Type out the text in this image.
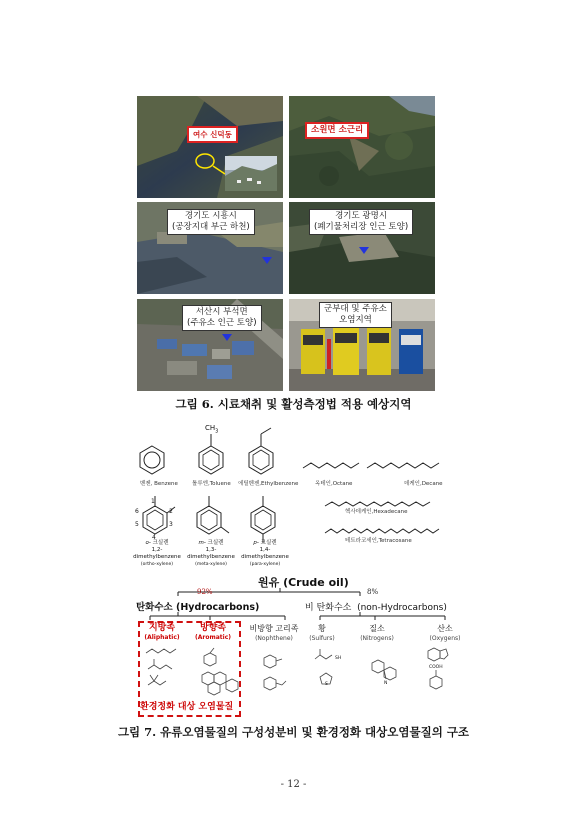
여수 신덕동	소원면 소근리
경기도 시흥시
(공장지대 부근 하천)
경기도 광명시
(폐기물처리장 인근 토양)
서산시 부석면
(주유소 인근 토양)
군부대 및 주유소
오염지역
그림 6. 시료채취 및 활성측정법 적용 예상지역
$CH_3$
벤젠, Benzene	톨루엔,Toluene 에틸벤젠,Ethylbenzene	옥테인,Octane	데케인,Decane
헥사데케인,Hexadecane
테트라코세인,Tetracosane
1
2
3
4
5
6
o- 크실렌
1,2-dimethylbenzene
(ortho-xylene)
m- 크실렌
1,3-dimethylbenzene
(meta-xylene)
p- 크실렌
1,4-dimethylbenzene
(para-xylene)
원유 (Crude oil)
92%	8%
탄화수소 (Hydrocarbons)	비 탄화수소 (non-Hydrocarbons)
지방족
(Aliphatic)
방향족
(Aromatic)
비방향 고리족
(Nophthene)
황
(Sulfurs)
질소
(Nitrogens)
산소
(Oxygens)
SH
S	N
COOH
환경정화 대상 오염물질
그림 7. 유류오염물질의 구성성분비 및 환경정화 대상오염물질의 구조
- 12 -
